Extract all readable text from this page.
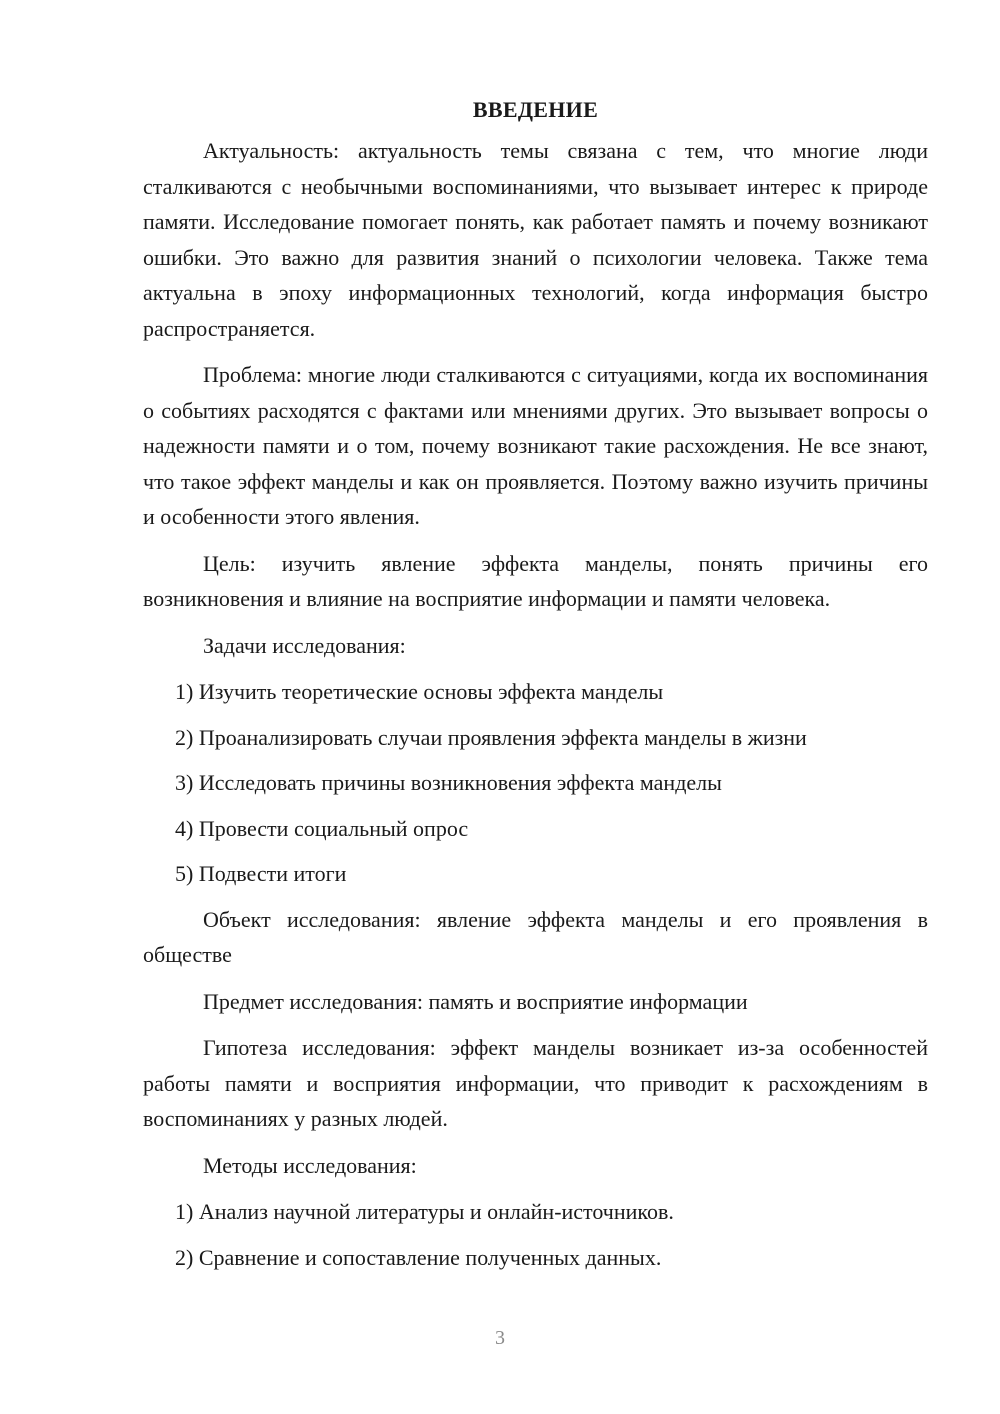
ВВЕДЕНИЕ

Актуальность: актуальность темы связана с тем, что многие люди сталкиваются с необычными воспоминаниями, что вызывает интерес к природе памяти. Исследование помогает понять, как работает память и почему возникают ошибки. Это важно для развития знаний о психологии человека. Также тема актуальна в эпоху информационных технологий, когда информация быстро распространяется.

Проблема: многие люди сталкиваются с ситуациями, когда их воспоминания о событиях расходятся с фактами или мнениями других. Это вызывает вопросы о надежности памяти и о том, почему возникают такие расхождения. Не все знают, что такое эффект манделы и как он проявляется. Поэтому важно изучить причины и особенности этого явления.

Цель: изучить явление эффекта манделы, понять причины его возникновения и влияние на восприятие информации и памяти человека.

Задачи исследования:

1) Изучить теоретические основы эффекта манделы
2) Проанализировать случаи проявления эффекта манделы в жизни
3) Исследовать причины возникновения эффекта манделы
4) Провести социальный опрос
5) Подвести итоги

Объект исследования: явление эффекта манделы и его проявления в обществе

Предмет исследования: память и восприятие информации

Гипотеза исследования: эффект манделы возникает из-за особенностей работы памяти и восприятия информации, что приводит к расхождениям в воспоминаниях у разных людей.

Методы исследования:

1) Анализ научной литературы и онлайн-источников.
2) Сравнение и сопоставление полученных данных.
3
